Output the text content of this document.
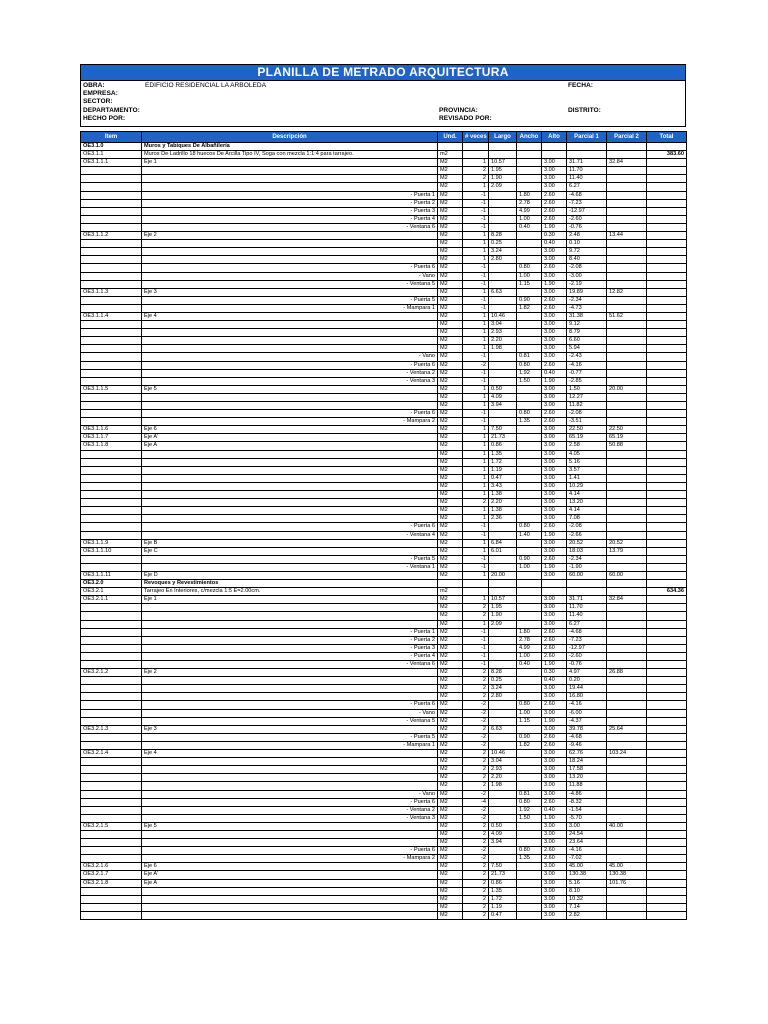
PLANILLA DE METRADO ARQUITECTURA
OBRA:	EDIFICIO RESIDENCIAL LA ARBOLEDA	FECHA:
EMPRESA:
SECTOR:
DEPARTAMENTO:	PROVINCIA:	DISTRITO:
HECHO POR:	REVISADO POR:
Item	Descripción	Und.	# veces	Largo	Ancho	Alto	Parcial 1	Parcial 2	Total
OE3.1.0	Muros y Tabiques De Albañilería								
OE3.1.1	Muros De Ladrillo 18 huecos De Arcilla Tipo IV, Soga con mezcla 1:1:4 para tarrajeo.	m2							383.60
OE3.1.1.1	Eje 1	M2	1	10.57		3.00	31.71	32.84	
		M2	2	1.95		3.00	11.70		
		M2	2	1.90		3.00	11.40		
		M2	1	2.09		3.00	6.27		
	- Puerta 1	M2	-1		1.80	2.60	-4.68		
	- Puerta 2	M2	-1		2.78	2.60	-7.23		
	- Puerta 3	M2	-1		4.99	2.60	-12.97		
	- Puerta 4	M2	-1		1.00	2.60	-2.60		
	- Ventana 6	M2	-1		0.40	1.90	-0.76		
OE3.1.1.2	Eje 2	M2	1	8.28		0.30	2.48	13.44	
		M2	1	0.25		0.40	0.10		
		M2	1	3.24		3.00	9.72		
		M2	1	2.80		3.00	8.40		
	- Puerta 6	M2	-1		0.80	2.60	-2.08		
	- Vano	M2	-1		1.00	3.00	-3.00		
	- Ventana 5	M2	-1		1.15	1.90	-2.19		
OE3.1.1.3	Eje 3	M2	1	6.63		3.00	19.89	12.82	
	- Puerta 5	M2	-1		0.90	2.60	-2.34		
	- Mampara 1	M2	-1		1.82	2.60	-4.73		
OE3.1.1.4	Eje 4	M2	1	10.46		3.00	31.38	51.62	
		M2	1	3.04		3.00	9.12		
		M2	1	2.93		3.00	8.79		
		M2	1	2.20		3.00	6.60		
		M2	1	1.98		3.00	5.94		
	- Vano	M2	-1		0.81	3.00	-2.43		
	- Puerta 6	M2	-2		0.80	2.60	-4.16		
	- Ventana 2	M2	-1		1.92	0.40	-0.77		
	- Ventana 3	M2	-1		1.50	1.90	-2.85		
OE3.1.1.5	Eje 5	M2	1	0.50		3.00	1.50	20.00	
		M2	1	4.09		3.00	12.27		
		M2	1	3.94		3.00	11.82		
	- Puerta 6	M2	-1		0.80	2.60	-2.08		
	- Mampara 2	M2	-1		1.35	2.60	-3.51		
OE3.1.1.6	Eje 6	M2	1	7.50		3.00	22.50	22.50	
OE3.1.1.7	Eje A'	M2	1	21.73		3.00	65.19	65.19	
OE3.1.1.8	Eje A	M2	1	0.86		3.00	2.58	50.88	
		M2	1	1.35		3.00	4.05		
		M2	1	1.72		3.00	5.16		
		M2	1	1.19		3.00	3.57		
		M2	1	0.47		3.00	1.41		
		M2	1	3.43		3.00	10.29		
		M2	1	1.38		3.00	4.14		
		M2	2	2.20		3.00	13.20		
		M2	1	1.38		3.00	4.14		
		M2	1	2.36		3.00	7.08		
	- Puerta 6	M2	-1		0.80	2.60	-2.08		
	- Ventana 4	M2	-1		1.40	1.90	-2.66		
OE3.1.1.9	Eje B	M2	1	6.84		3.00	20.52	20.52	
OE3.1.1.10	Eje C	M2	1	6.01		3.00	18.03	13.79	
	- Puerta 5	M2	-1		0.90	2.60	-2.34		
	- Ventana 1	M2	-1		1.00	1.90	-1.90		
OE3.1.1.11	Eje D	M2	1	20.00		3.00	60.00	60.00	
OE3.2.0	Revoques y Revestimientos								
OE3.2.1	Tarrajeo En Interiores, c/mezcla 1:5 E=2.00cm.	m2							634.36
OE3.2.1.1	Eje 1	M2	1	10.57		3.00	31.71	32.84	
		M2	2	1.95		3.00	11.70		
		M2	2	1.90		3.00	11.40		
		M2	1	2.09		3.00	6.27		
	- Puerta 1	M2	-1		1.80	2.60	-4.68		
	- Puerta 2	M2	-1		2.78	2.60	-7.23		
	- Puerta 3	M2	-1		4.99	2.60	-12.97		
	- Puerta 4	M2	-1		1.00	2.60	-2.60		
	- Ventana 6	M2	-1		0.40	1.90	-0.76		
OE3.2.1.2	Eje 2	M2	2	8.28		0.30	4.97	26.88	
		M2	2	0.25		0.40	0.20		
		M2	2	3.24		3.00	19.44		
		M2	2	2.80		3.00	16.80		
	- Puerta 6	M2	-2		0.80	2.60	-4.16		
	- Vano	M2	-2		1.00	3.00	-6.00		
	- Ventana 5	M2	-2		1.15	1.90	-4.37		
OE3.2.1.3	Eje 3	M2	2	6.63		3.00	39.78	25.64	
	- Puerta 5	M2	-2		0.90	2.60	-4.68		
	- Mampara 1	M2	-2		1.82	2.60	-9.46		
OE3.2.1.4	Eje 4	M2	2	10.46		3.00	62.76	103.24	
		M2	2	3.04		3.00	18.24		
		M2	2	2.93		3.00	17.58		
		M2	2	2.20		3.00	13.20		
		M2	2	1.98		3.00	11.88		
	- Vano	M2	-2		0.81	3.00	-4.86		
	- Puerta 6	M2	-4		0.80	2.60	-8.32		
	- Ventana 2	M2	-2		1.92	0.40	-1.54		
	- Ventana 3	M2	-2		1.50	1.90	-5.70		
OE3.2.1.5	Eje 5	M2	2	0.50		3.00	3.00	40.00	
		M2	2	4.09		3.00	24.54		
		M2	2	3.94		3.00	23.64		
	- Puerta 6	M2	-2		0.80	2.60	-4.16		
	- Mampara 2	M2	-2		1.35	2.60	-7.02		
OE3.2.1.6	Eje 6	M2	2	7.50		3.00	45.00	45.00	
OE3.2.1.7	Eje A'	M2	2	21.73		3.00	130.38	130.38	
OE3.2.1.8	Eje A	M2	2	0.86		3.00	5.16	101.76	
		M2	2	1.35		3.00	8.10		
		M2	2	1.72		3.00	10.32		
		M2	2	1.19		3.00	7.14		
		M2	2	0.47		3.00	2.82		
